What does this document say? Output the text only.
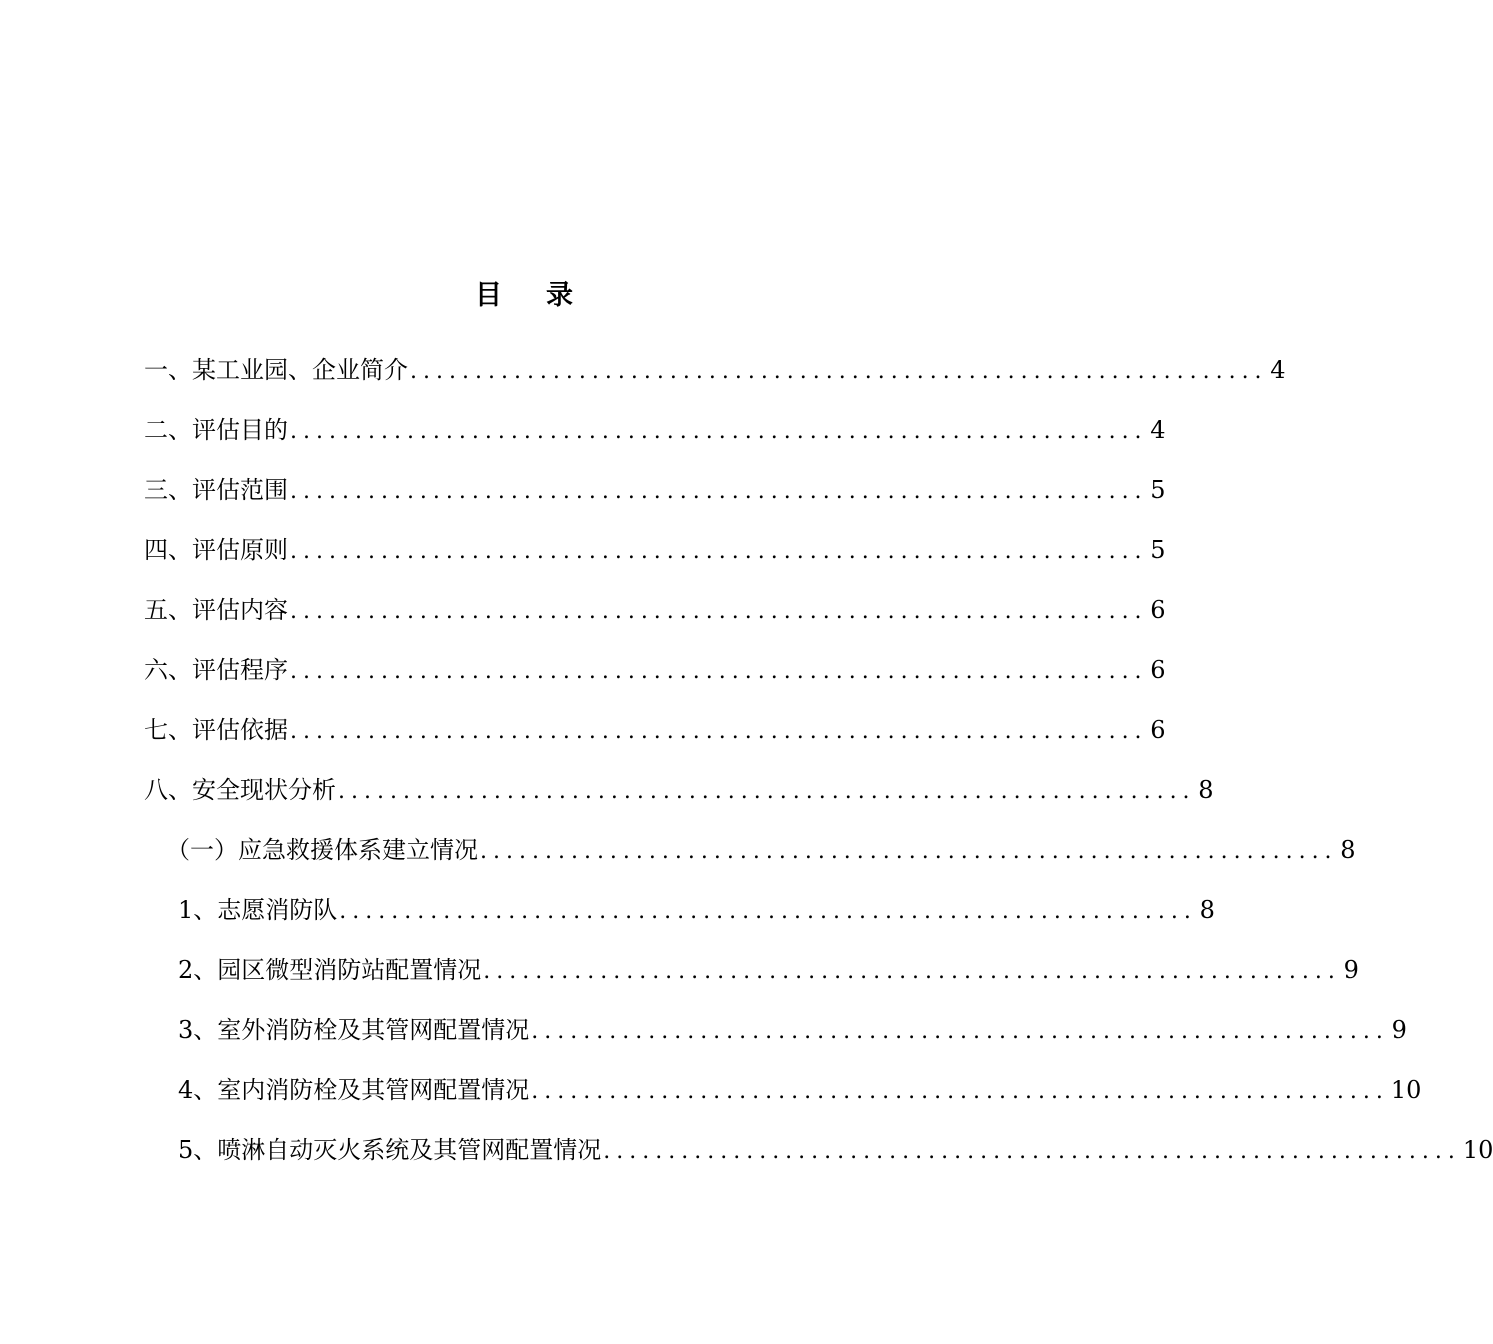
目 录
一、某工业园、企业简介 .................................................................. 4
二、评估目的 .................................................................. 4
三、评估范围 .................................................................. 5
四、评估原则 .................................................................. 5
五、评估内容 .................................................................. 6
六、评估程序 .................................................................. 6
七、评估依据 .................................................................. 6
八、安全现状分析 .................................................................. 8
（一）应急救援体系建立情况 .................................................................. 8
1、志愿消防队 .................................................................. 8
2、园区微型消防站配置情况 .................................................................. 9
3、室外消防栓及其管网配置情况 .................................................................. 9
4、室内消防栓及其管网配置情况 .................................................................. 10
5、喷淋自动灭火系统及其管网配置情况 .................................................................. 10
